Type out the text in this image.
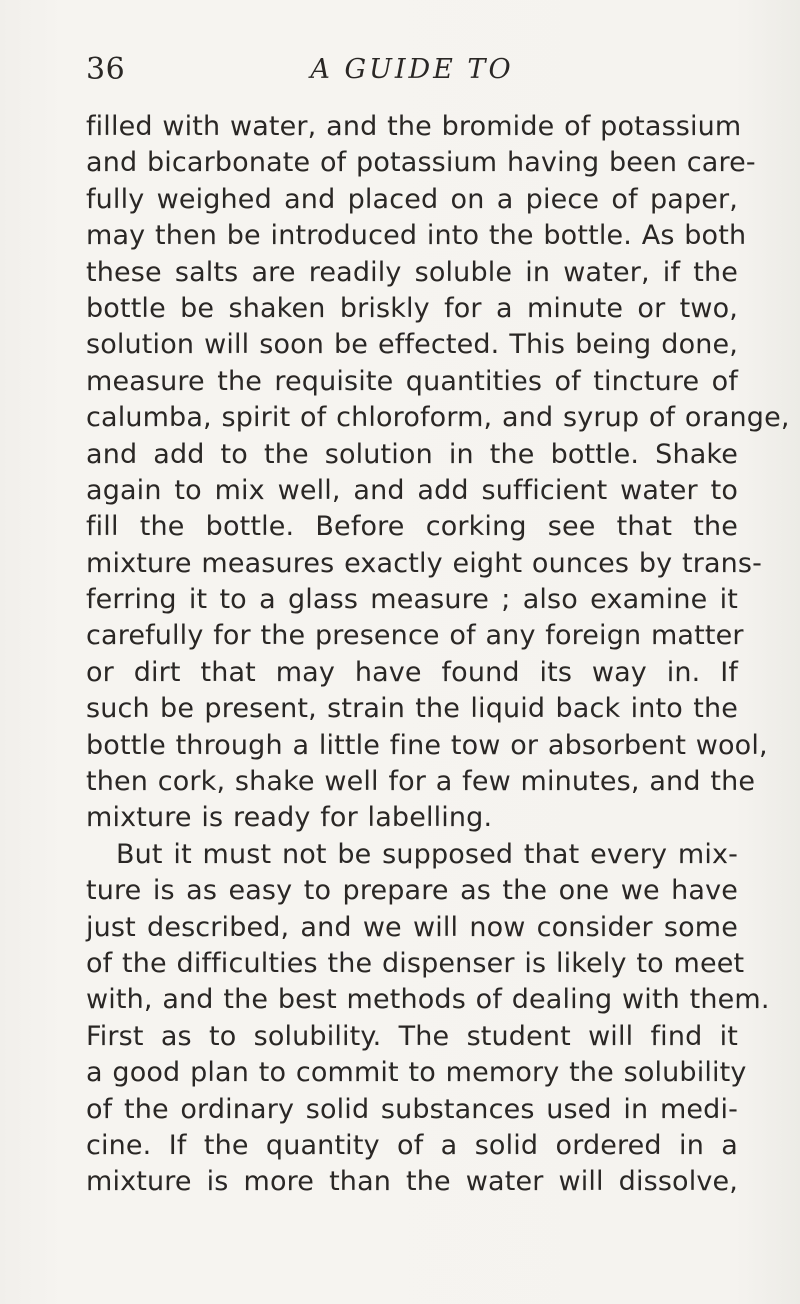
36	A GUIDE TO
filled with water, and the bromide of potassium
and bicarbonate of potassium having been care-
fully weighed and placed on a piece of paper,
may then be introduced into the bottle. As both
these salts are readily soluble in water, if the
bottle be shaken briskly for a minute or two,
solution will soon be effected. This being done,
measure the requisite quantities of tincture of
calumba, spirit of chloroform, and syrup of orange,
and add to the solution in the bottle. Shake
again to mix well, and add sufficient water to
fill the bottle. Before corking see that the
mixture measures exactly eight ounces by trans-
ferring it to a glass measure ; also examine it
carefully for the presence of any foreign matter
or dirt that may have found its way in. If
such be present, strain the liquid back into the
bottle through a little fine tow or absorbent wool,
then cork, shake well for a few minutes, and the
mixture is ready for labelling.
But it must not be supposed that every mix-
ture is as easy to prepare as the one we have
just described, and we will now consider some
of the difficulties the dispenser is likely to meet
with, and the best methods of dealing with them.
First as to solubility. The student will find it
a good plan to commit to memory the solubility
of the ordinary solid substances used in medi-
cine. If the quantity of a solid ordered in a
mixture is more than the water will dissolve,
